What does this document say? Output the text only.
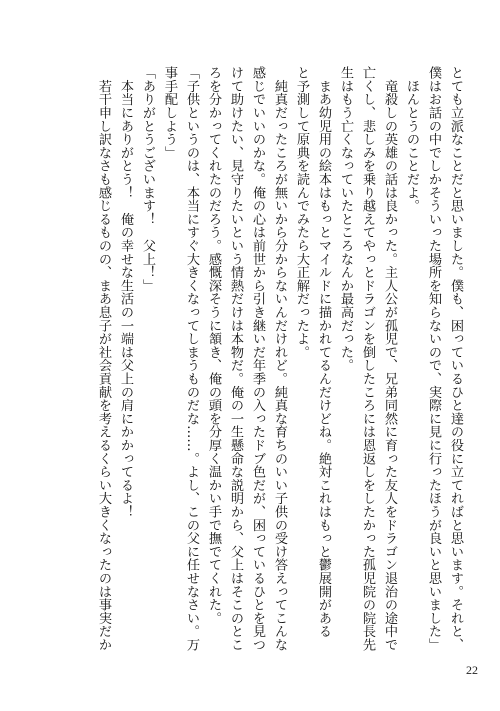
とても立派なことだと思いました。僕も、困っているひと達の役に立てればと思います。それと、
僕はお話の中でしかそういった場所を知らないので、実際に見に行ったほうが良いと思いました」
　ほんとうのことだよ。
　竜殺しの英雄の話は良かった。主人公が孤児で、兄弟同然に育った友人をドラゴン退治の途中で
亡くし、悲しみを乗り越えてやっとドラゴンを倒したころには恩返しをしたかった孤児院の院長先
生はもう亡くなっていたところなんか最高だった。
　まあ幼児用の絵本はもっとマイルドに描かれてるんだけどね。絶対これはもっと鬱展開がある
と予測して原典を読んでみたら大正解だったよ。
　純真だったころが無いから分からないんだけれど。純真な育ちのいい子供の受け答えってこんな
感じでいいのかな。俺の心は前世から引き継いだ年季の入ったドブ色だが、困っているひとを見つ
けて助けたい、見守りたいという情熱だけは本物だ。俺の一生懸命な説明から、父上はそこのとこ
ろを分かってくれたのだろう。感慨深そうに頷き、俺の頭を分厚く温かい手で撫でてくれた。
「子供というのは、本当にすぐ大きくなってしまうものだな……。よし、この父に任せなさい。万
事手配しよう」
「ありがとうございます！　父上！」
　本当にありがとう！　俺の幸せな生活の一端は父上の肩にかかってるよ！
　若干申し訳なさも感じるものの、まあ息子が社会貢献を考えるくらい大きくなったのは事実だか
22
